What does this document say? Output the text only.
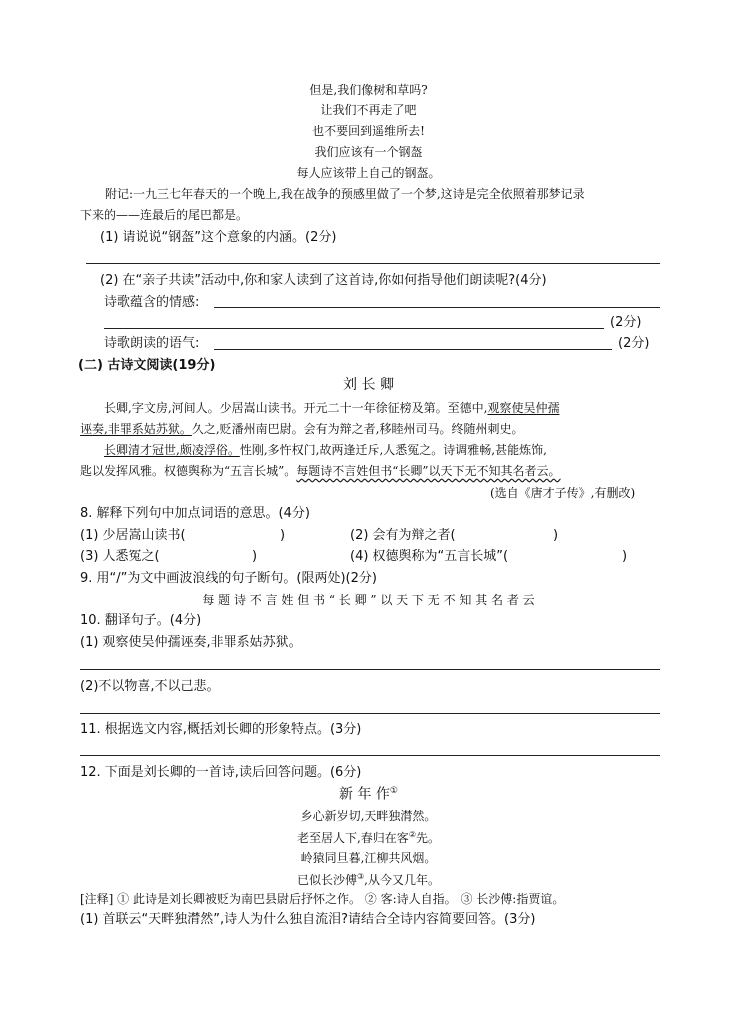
但是,我们像树和草吗?
让我们不再走了吧
也不要回到遥维所去!
我们应该有一个钢盔
每人应该带上自己的钢盔。
附记:一九三七年春天的一个晚上,我在战争的预感里做了一个梦,这诗是完全依照着那梦记录
下来的——连最后的尾巴都是。
(1) 请说说“钢盔”这个意象的内涵。(2分)
(2) 在“亲子共读”活动中,你和家人读到了这首诗,你如何指导他们朗读呢?(4分)
诗歌蕴含的情感:
(2分)
诗歌朗读的语气:	(2分)
(二) 古诗文阅读(19分)
刘 长 卿
长卿,字文房,河间人。少居嵩山读书。开元二十一年徐征榜及第。至德中,观察使吴仲孺
诬奏,非罪系姑苏狱。久之,贬潘州南巴尉。会有为辩之者,移睦州司马。终随州刺史。
长卿清才冠世,颇凌浮俗。性刚,多忤权门,故两逢迁斥,人悉冤之。诗调雅畅,甚能炼饰,
匙以发挥风雅。权德舆称为“五言长城”。每题诗不言姓但书“长卿”以天下无不知其名者云。
(选自《唐才子传》,有删改)
8. 解释下列句中加点词语的意思。(4分)
(1) 少居嵩山读书(	)	(2) 会有为辩之者(	)
(3) 人悉冤之(	)	(4) 权德舆称为“五言长城”(	)
9. 用“/”为文中画波浪线的句子断句。(限两处)(2分)
每 题 诗 不 言 姓 但 书 “ 长 卿 ” 以 天 下 无 不 知 其 名 者 云
10. 翻译句子。(4分)
(1) 观察使吴仲孺诬奏,非罪系姑苏狱。
(2)不以物喜,不以己悲。
11. 根据选文内容,概括刘长卿的形象特点。(3分)
12. 下面是刘长卿的一首诗,读后回答问题。(6分)
新 年 作①
乡心新岁切,天畔独潸然。
老至居人下,春归在客②先。
岭猿同旦暮,江柳共风烟。
已似长沙傅③,从今又几年。
[注释] ① 此诗是刘长卿被贬为南巴县尉后抒怀之作。 ② 客:诗人自指。 ③ 长沙傅:指贾谊。
(1) 首联云“天畔独潸然”,诗人为什么独自流泪?请结合全诗内容简要回答。(3分)
